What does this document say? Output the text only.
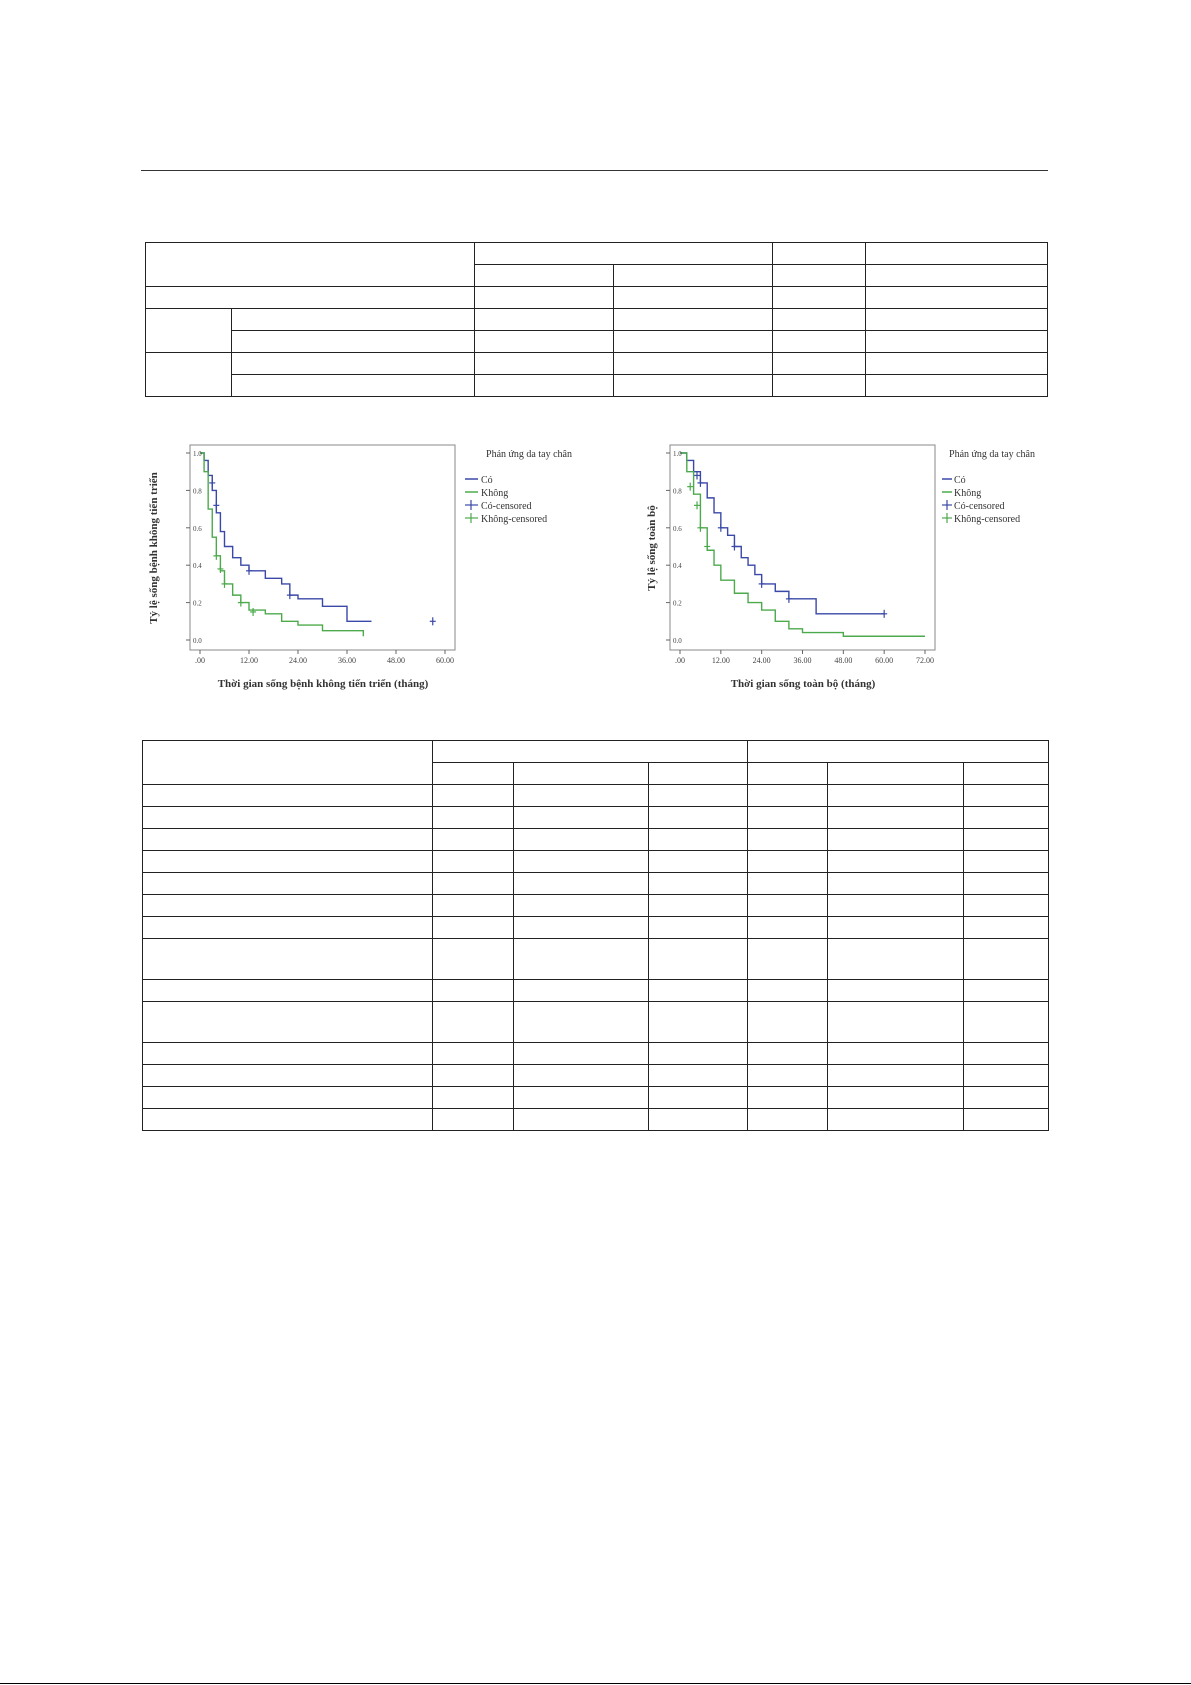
.00	12.00	24.00	36.00	48.00	60.00
0.0
0.2
0.4
0.6
0.8
1.0
Tỷ lệ sống bệnh không tiến triển
Thời gian sống bệnh không tiến triển (tháng)
Phản ứng da tay chân
Có
Không
Có-censored
Không-censored
.00	12.00	24.00	36.00	48.00	60.00	72.00
0.0
0.2
0.4
0.6
0.8
1.0
Tỷ lệ sống toàn bộ
Thời gian sống toàn bộ (tháng)
Phản ứng da tay chân
Có
Không
Có-censored
Không-censored
